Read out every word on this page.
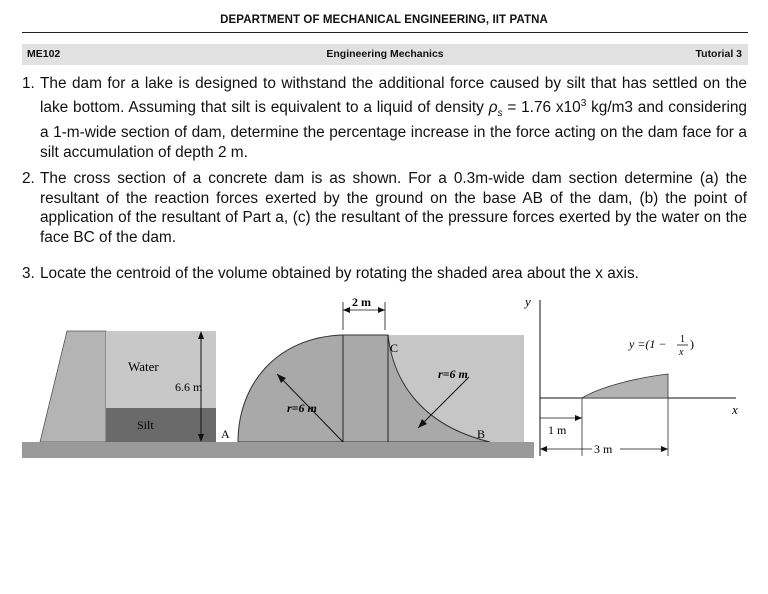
DEPARTMENT OF MECHANICAL ENGINEERING, IIT PATNA
Engineering Mechanics
ME102	Tutorial 3
1. The dam for a lake is designed to withstand the additional force caused by silt that has settled on the lake bottom. Assuming that silt is equivalent to a liquid of density $\rho_s = 1.76$ $x10^3$ kg/m3 and considering a 1-m-wide section of dam, determine the percentage increase in the force acting on the dam face for a silt accumulation of depth 2 m.
2. The cross section of a concrete dam is as shown. For a 0.3m-wide dam section determine (a) the resultant of the reaction forces exerted by the ground on the base AB of the dam, (b) the point of application of the resultant of Part a, (c) the resultant of the pressure forces exerted by the water on the face BC of the dam.
3. Locate the centroid of the volume obtained by rotating the shaded area about the x axis.
Water
6.6 m
Silt
2 m
r=6 m
r=6 m
A	B
C
1 m
3 m
y
x
y =(1 − 1
x
)
